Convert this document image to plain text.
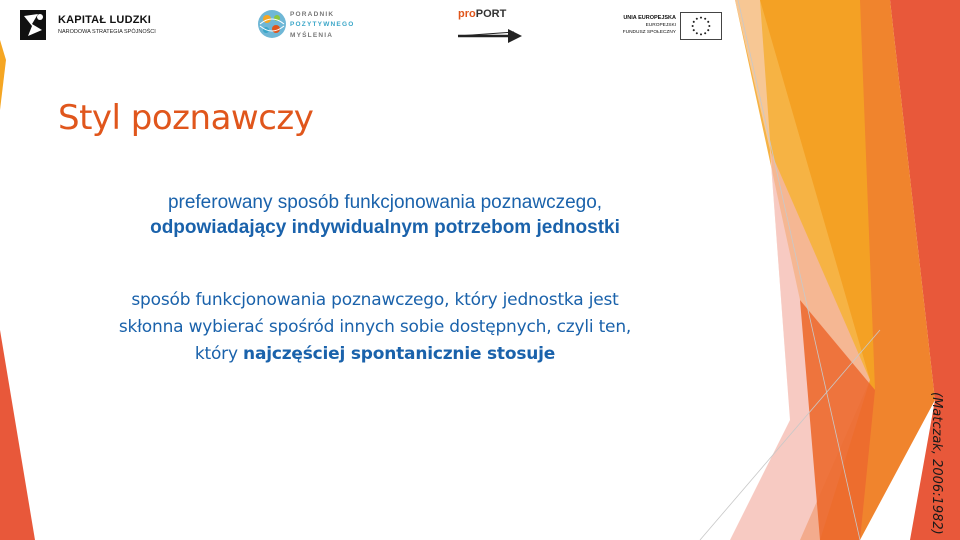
KAPITAŁ LUDZKI
NARODOWA STRATEGIA SPÓJNOŚCI
PORADNIK
POZYTYWNEGO
MYŚLENIA
proPORT	UNIA EUROPEJSKA
EUROPEJSKI
FUNDUSZ SPOŁECZNY
Styl poznawczy
preferowany sposób funkcjonowania poznawczego,
odpowiadający indywidualnym potrzebom jednostki
sposób funkcjonowania poznawczego, który jednostka jest
skłonna wybierać spośród innych sobie dostępnych, czyli ten,
który najczęściej spontanicznie stosuje
(Matczak, 2006:1982)
